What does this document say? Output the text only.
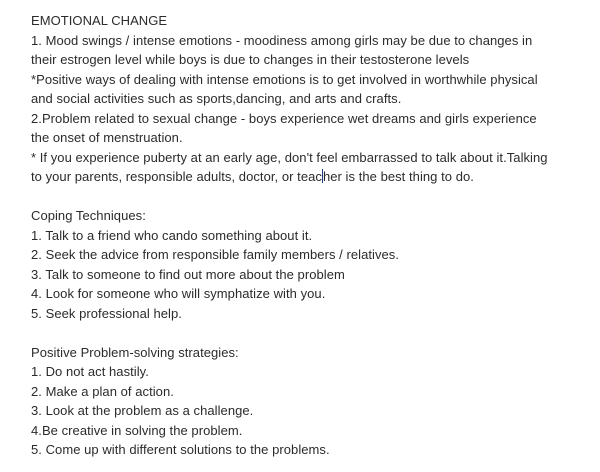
EMOTIONAL CHANGE
1. Mood swings / intense emotions - moodiness among girls may be due to changes in
their estrogen level while boys is due to changes in their testosterone levels
*Positive ways of dealing with intense emotions is to get involved in worthwhile physical
and social activities such as sports,dancing, and arts and crafts.
2.Problem related to sexual change - boys experience wet dreams and girls experience
the onset of menstruation.
* If you experience puberty at an early age, don't feel embarrassed to talk about it.Talking
to your parents, responsible adults, doctor, or teacher is the best thing to do.
Coping Techniques:
1. Talk to a friend who cando something about it.
2. Seek the advice from responsible family members / relatives.
3. Talk to someone to find out more about the problem
4. Look for someone who will symphatize with you.
5. Seek professional help.
Positive Problem-solving strategies:
1. Do not act hastily.
2. Make a plan of action.
3. Look at the problem as a challenge.
4.Be creative in solving the problem.
5. Come up with different solutions to the problems.
